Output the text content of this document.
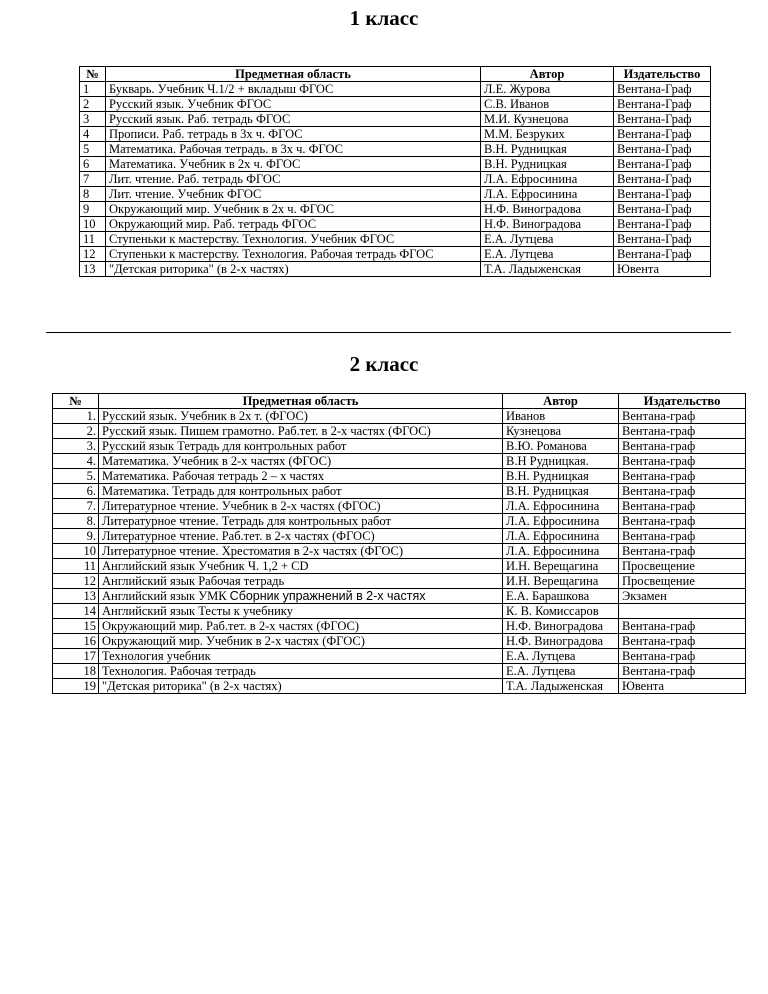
1 класс
№	Предметная область	Автор	Издательство
1	Букварь. Учебник Ч.1/2 + вкладыш ФГОС	Л.Е. Журова	Вентана-Граф
2	Русский язык. Учебник ФГОС	С.В. Иванов	Вентана-Граф
3	Русский язык. Раб. тетрадь ФГОС	М.И. Кузнецова	Вентана-Граф
4	Прописи. Раб. тетрадь в 3х ч. ФГОС	М.М. Безруких	Вентана-Граф
5	Математика. Рабочая тетрадь. в 3х ч. ФГОС	В.Н. Рудницкая	Вентана-Граф
6	Математика. Учебник в 2х ч. ФГОС	В.Н. Рудницкая	Вентана-Граф
7	Лит. чтение. Раб. тетрадь ФГОС	Л.А. Ефросинина	Вентана-Граф
8	Лит. чтение. Учебник ФГОС	Л.А. Ефросинина	Вентана-Граф
9	Окружающий мир. Учебник в 2х ч. ФГОС	Н.Ф. Виноградова	Вентана-Граф
10	Окружающий мир. Раб. тетрадь ФГОС	Н.Ф. Виноградова	Вентана-Граф
11	Ступеньки к мастерству. Технология. Учебник ФГОС	Е.А. Лутцева	Вентана-Граф
12	Ступеньки к мастерству. Технология. Рабочая тетрадь ФГОС	Е.А. Лутцева	Вентана-Граф
13	"Детская риторика" (в 2-х частях)	Т.А. Ладыженская	Ювента
2 класс
№	Предметная область	Автор	Издательство
1.	Русский язык. Учебник в 2х т. (ФГОС)	Иванов	Вентана-граф
2.	Русский язык. Пишем грамотно. Раб.тет. в 2-х частях (ФГОС)	Кузнецова	Вентана-граф
3.	Русский язык Тетрадь для контрольных работ	В.Ю. Романова	Вентана-граф
4.	Математика. Учебник в 2-х частях (ФГОС)	В.Н Рудницкая.	Вентана-граф
5.	Математика. Рабочая тетрадь 2 – х частях	В.Н. Рудницкая	Вентана-граф
6.	Математика. Тетрадь для контрольных работ	В.Н. Рудницкая	Вентана-граф
7.	Литературное чтение. Учебник в 2-х частях (ФГОС)	Л.А. Ефросинина	Вентана-граф
8.	Литературное чтение. Тетрадь для контрольных работ	Л.А. Ефросинина	Вентана-граф
9.	Литературное чтение. Раб.тет. в 2-х частях (ФГОС)	Л.А. Ефросинина	Вентана-граф
10	Литературное чтение. Хрестоматия в 2-х частях (ФГОС)	Л.А. Ефросинина	Вентана-граф
11	Английский язык Учебник Ч. 1,2 + CD	И.Н. Верещагина	Просвещение
12	Английский язык Рабочая тетрадь	И.Н. Верещагина	Просвещение
13	Английский язык УМК Сборник упражнений в 2-х частях	Е.А. Барашкова	Экзамен
14	Английский язык Тесты к учебнику	К. В. Комиссаров	
15	Окружающий мир. Раб.тет. в 2-х частях (ФГОС)	Н.Ф. Виноградова	Вентана-граф
16	Окружающий мир. Учебник в 2-х частях (ФГОС)	Н.Ф. Виноградова	Вентана-граф
17	Технология учебник	Е.А. Лутцева	Вентана-граф
18	Технология. Рабочая тетрадь	Е.А. Лутцева	Вентана-граф
19	"Детская риторика" (в 2-х частях)	Т.А. Ладыженская	Ювента
